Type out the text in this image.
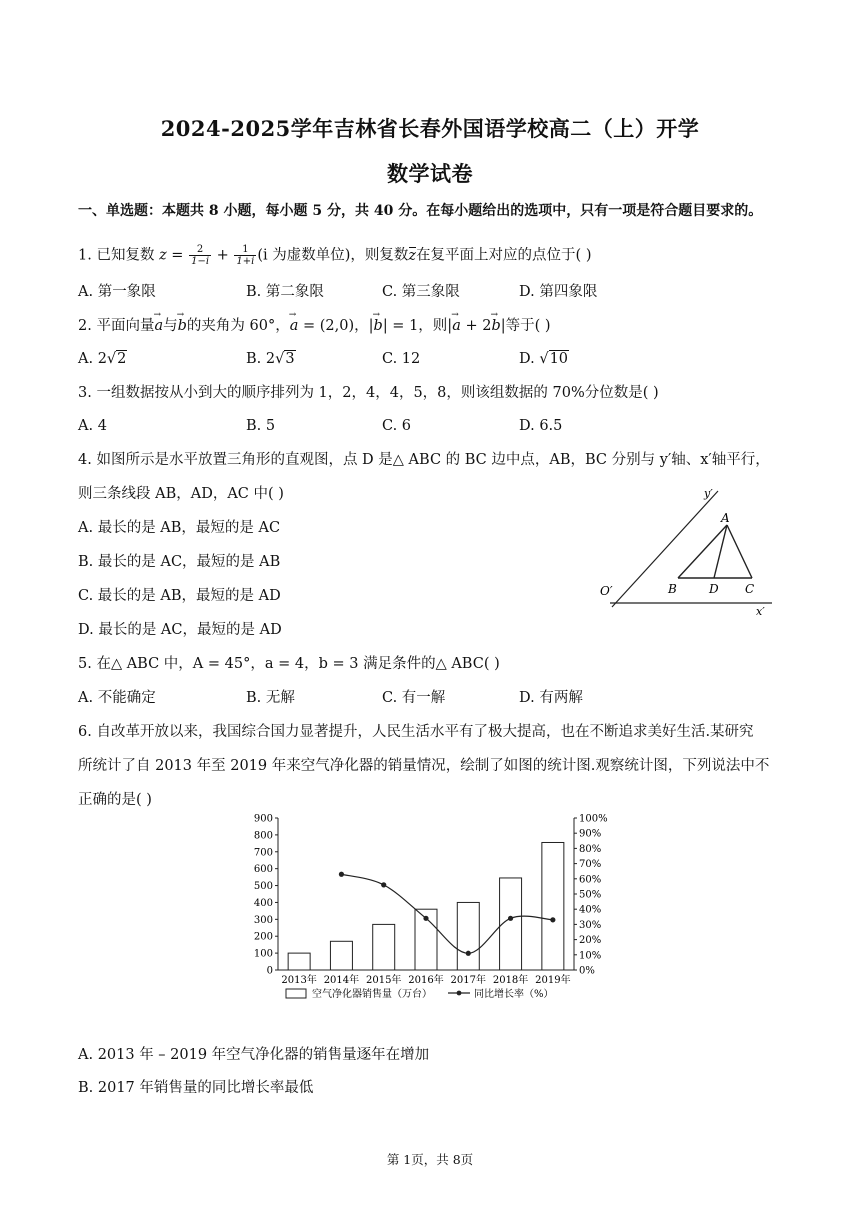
2024-2025学年吉林省长春外国语学校高二（上）开学
数学试卷
一、单选题：本题共 8 小题，每小题 5 分，共 40 分。在每小题给出的选项中，只有一项是符合题目要求的。
1. 已知复数 $z = \frac{2}{1-i} + \frac{1}{1+i} (i$ 为虚数单位)，则复数z在复平面上对应的点位于( )
A. 第一象限	B. 第二象限	C. 第三象限	D. 第四象限
2. 平面向量→ a与→ b的夹角为 60°，→ a = (2,0)，|→ b| = 1，则|→ a + 2→ b|等于( )
A. 2√2	B. 2√3	C. 12	D. √10
3. 一组数据按从小到大的顺序排列为 1，2，4，4，5，8，则该组数据的 70%分位数是( )
A. 4	B. 5	C. 6	D. 6.5
4. 如图所示是水平放置三角形的直观图，点 D 是△ ABC 的 BC 边中点，AB，BC 分别与 y′轴、x′轴平行，
则三条线段 AB，AD，AC 中( )
A. 最长的是 AB，最短的是 AC
B. 最长的是 AC，最短的是 AB
C. 最长的是 AB，最短的是 AD
D. 最长的是 AC，最短的是 AD
y′
x′
O′
A
B	D C
5. 在△ ABC 中，A = 45°，a = 4，b = 3 满足条件的△ ABC( )
A. 不能确定	B. 无解	C. 有一解	D. 有两解
6. 自改革开放以来，我国综合国力显著提升，人民生活水平有了极大提高，也在不断追求美好生活.某研究
所统计了自 2013 年至 2019 年来空气净化器的销量情况，绘制了如图的统计图.观察统计图，下列说法中不
正确的是( )
0
100
200
300
400
500
600
700
800
900
0%
10%
20%
30%
40%
50%
60%
70%
80%
90%
100%
2013年 2014年 2015年 2016年 2017年 2018年 2019年
空气净化器销售量（万台）	同比增长率（%）
A. 2013 年 – 2019 年空气净化器的销售量逐年在增加
B. 2017 年销售量的同比增长率最低
第 1页，共 8页
